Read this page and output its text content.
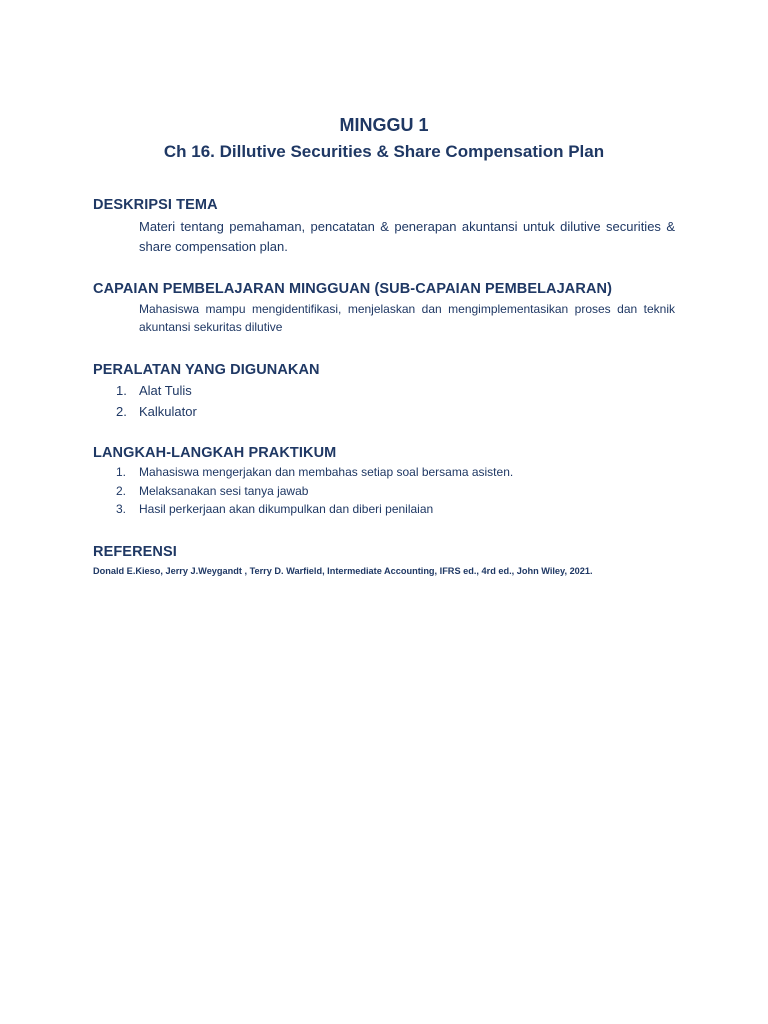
MINGGU 1
Ch 16. Dillutive Securities & Share Compensation Plan
DESKRIPSI TEMA
Materi tentang pemahaman, pencatatan & penerapan akuntansi untuk dilutive securities & share compensation plan.
CAPAIAN PEMBELAJARAN MINGGUAN (SUB-CAPAIAN PEMBELAJARAN)
Mahasiswa mampu mengidentifikasi, menjelaskan dan mengimplementasikan proses dan teknik akuntansi sekuritas dilutive
PERALATAN YANG DIGUNAKAN
1. Alat Tulis
2. Kalkulator
LANGKAH-LANGKAH PRAKTIKUM
1. Mahasiswa mengerjakan dan membahas setiap soal bersama asisten.
2. Melaksanakan sesi tanya jawab
3. Hasil perkerjaan akan dikumpulkan dan diberi penilaian
REFERENSI
Donald E.Kieso, Jerry J.Weygandt , Terry D. Warfield, Intermediate Accounting, IFRS ed., 4rd ed., John Wiley, 2021.
